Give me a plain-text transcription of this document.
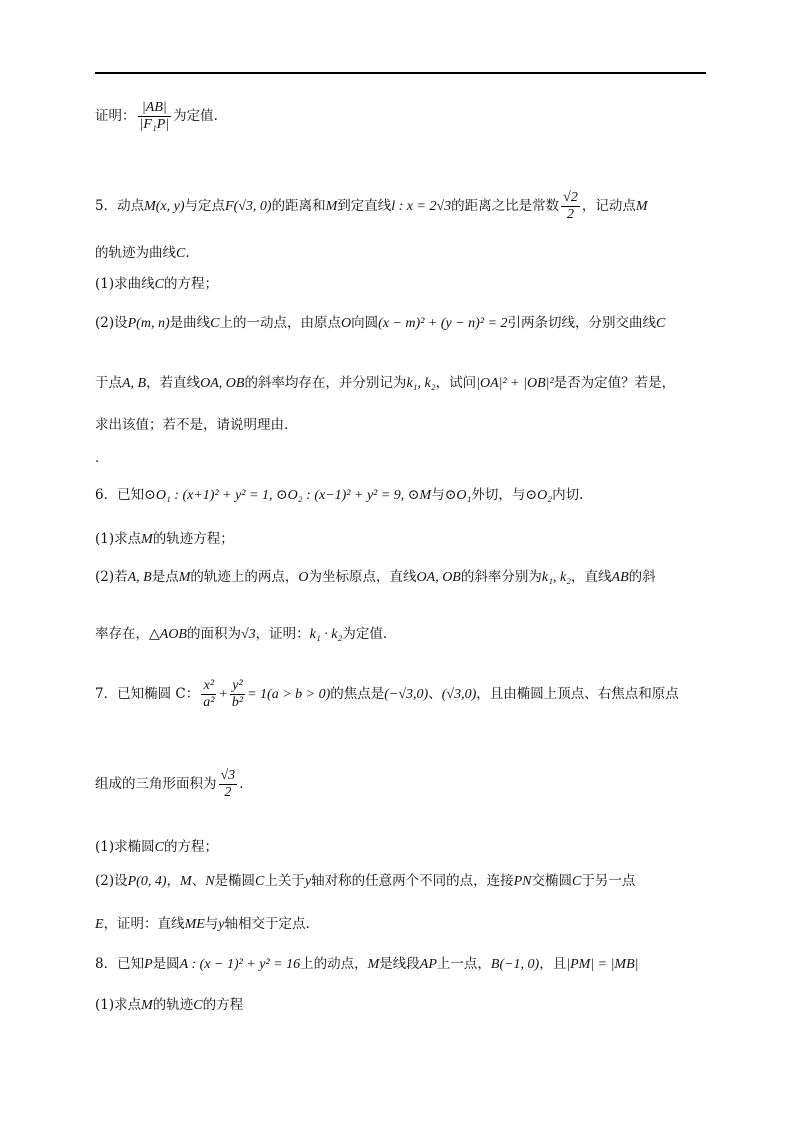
证明： $\frac{|AB|}{\text{|F₁P|}}$ 为定值.
5．动点M(x, y)与定点F(√3, 0)的距离和M到定直线l : x = 2√3的距离之比是常数 $\frac{√2}{2}$ ，记动点M
的轨迹为曲线C.
(1)求曲线C的方程；
(2)设P(m, n)是曲线C上的一动点，由原点O向圆(x − m)² + (y − n)² = 2引两条切线，分别交曲线C
于点A, B，若直线OA, OB的斜率均存在，并分别记为k₁, k₂，试问|OA|² + |OB|²是否为定值？若是，
求出该值；若不是，请说明理由.
.
6．已知⊙O₁ : (x+1)² + y² = 1, ⊙O₂ : (x−1)² + y² = 9, ⊙M与⊙O₁外切，与⊙O₂内切.
(1)求点M的轨迹方程；
(2)若A, B是点M的轨迹上的两点，O为坐标原点，直线OA, OB的斜率分别为k₁, k₂，直线AB的斜
率存在，△AOB的面积为√3，证明：k₁ · k₂为定值.
7．已知椭圆 C： $\frac{\text{x²}}{\text{a²}} + \frac{\text{y²}}{\text{b²}} = 1(a > b > 0)$的焦点是(−√3,0)、(√3,0)，且由椭圆上顶点、右焦点和原点
组成的三角形面积为 $\frac{√3}{2}$ .
(1)求椭圆C的方程；
(2)设P(0, 4)，M、N是椭圆C上关于y轴对称的任意两个不同的点，连接PN交椭圆C于另一点
E，证明：直线ME与y轴相交于定点.
8．已知P是圆A : (x − 1)² + y² = 16上的动点，M是线段AP上一点，B(−1, 0)，且|PM| = |MB|
(1)求点M的轨迹C的方程
